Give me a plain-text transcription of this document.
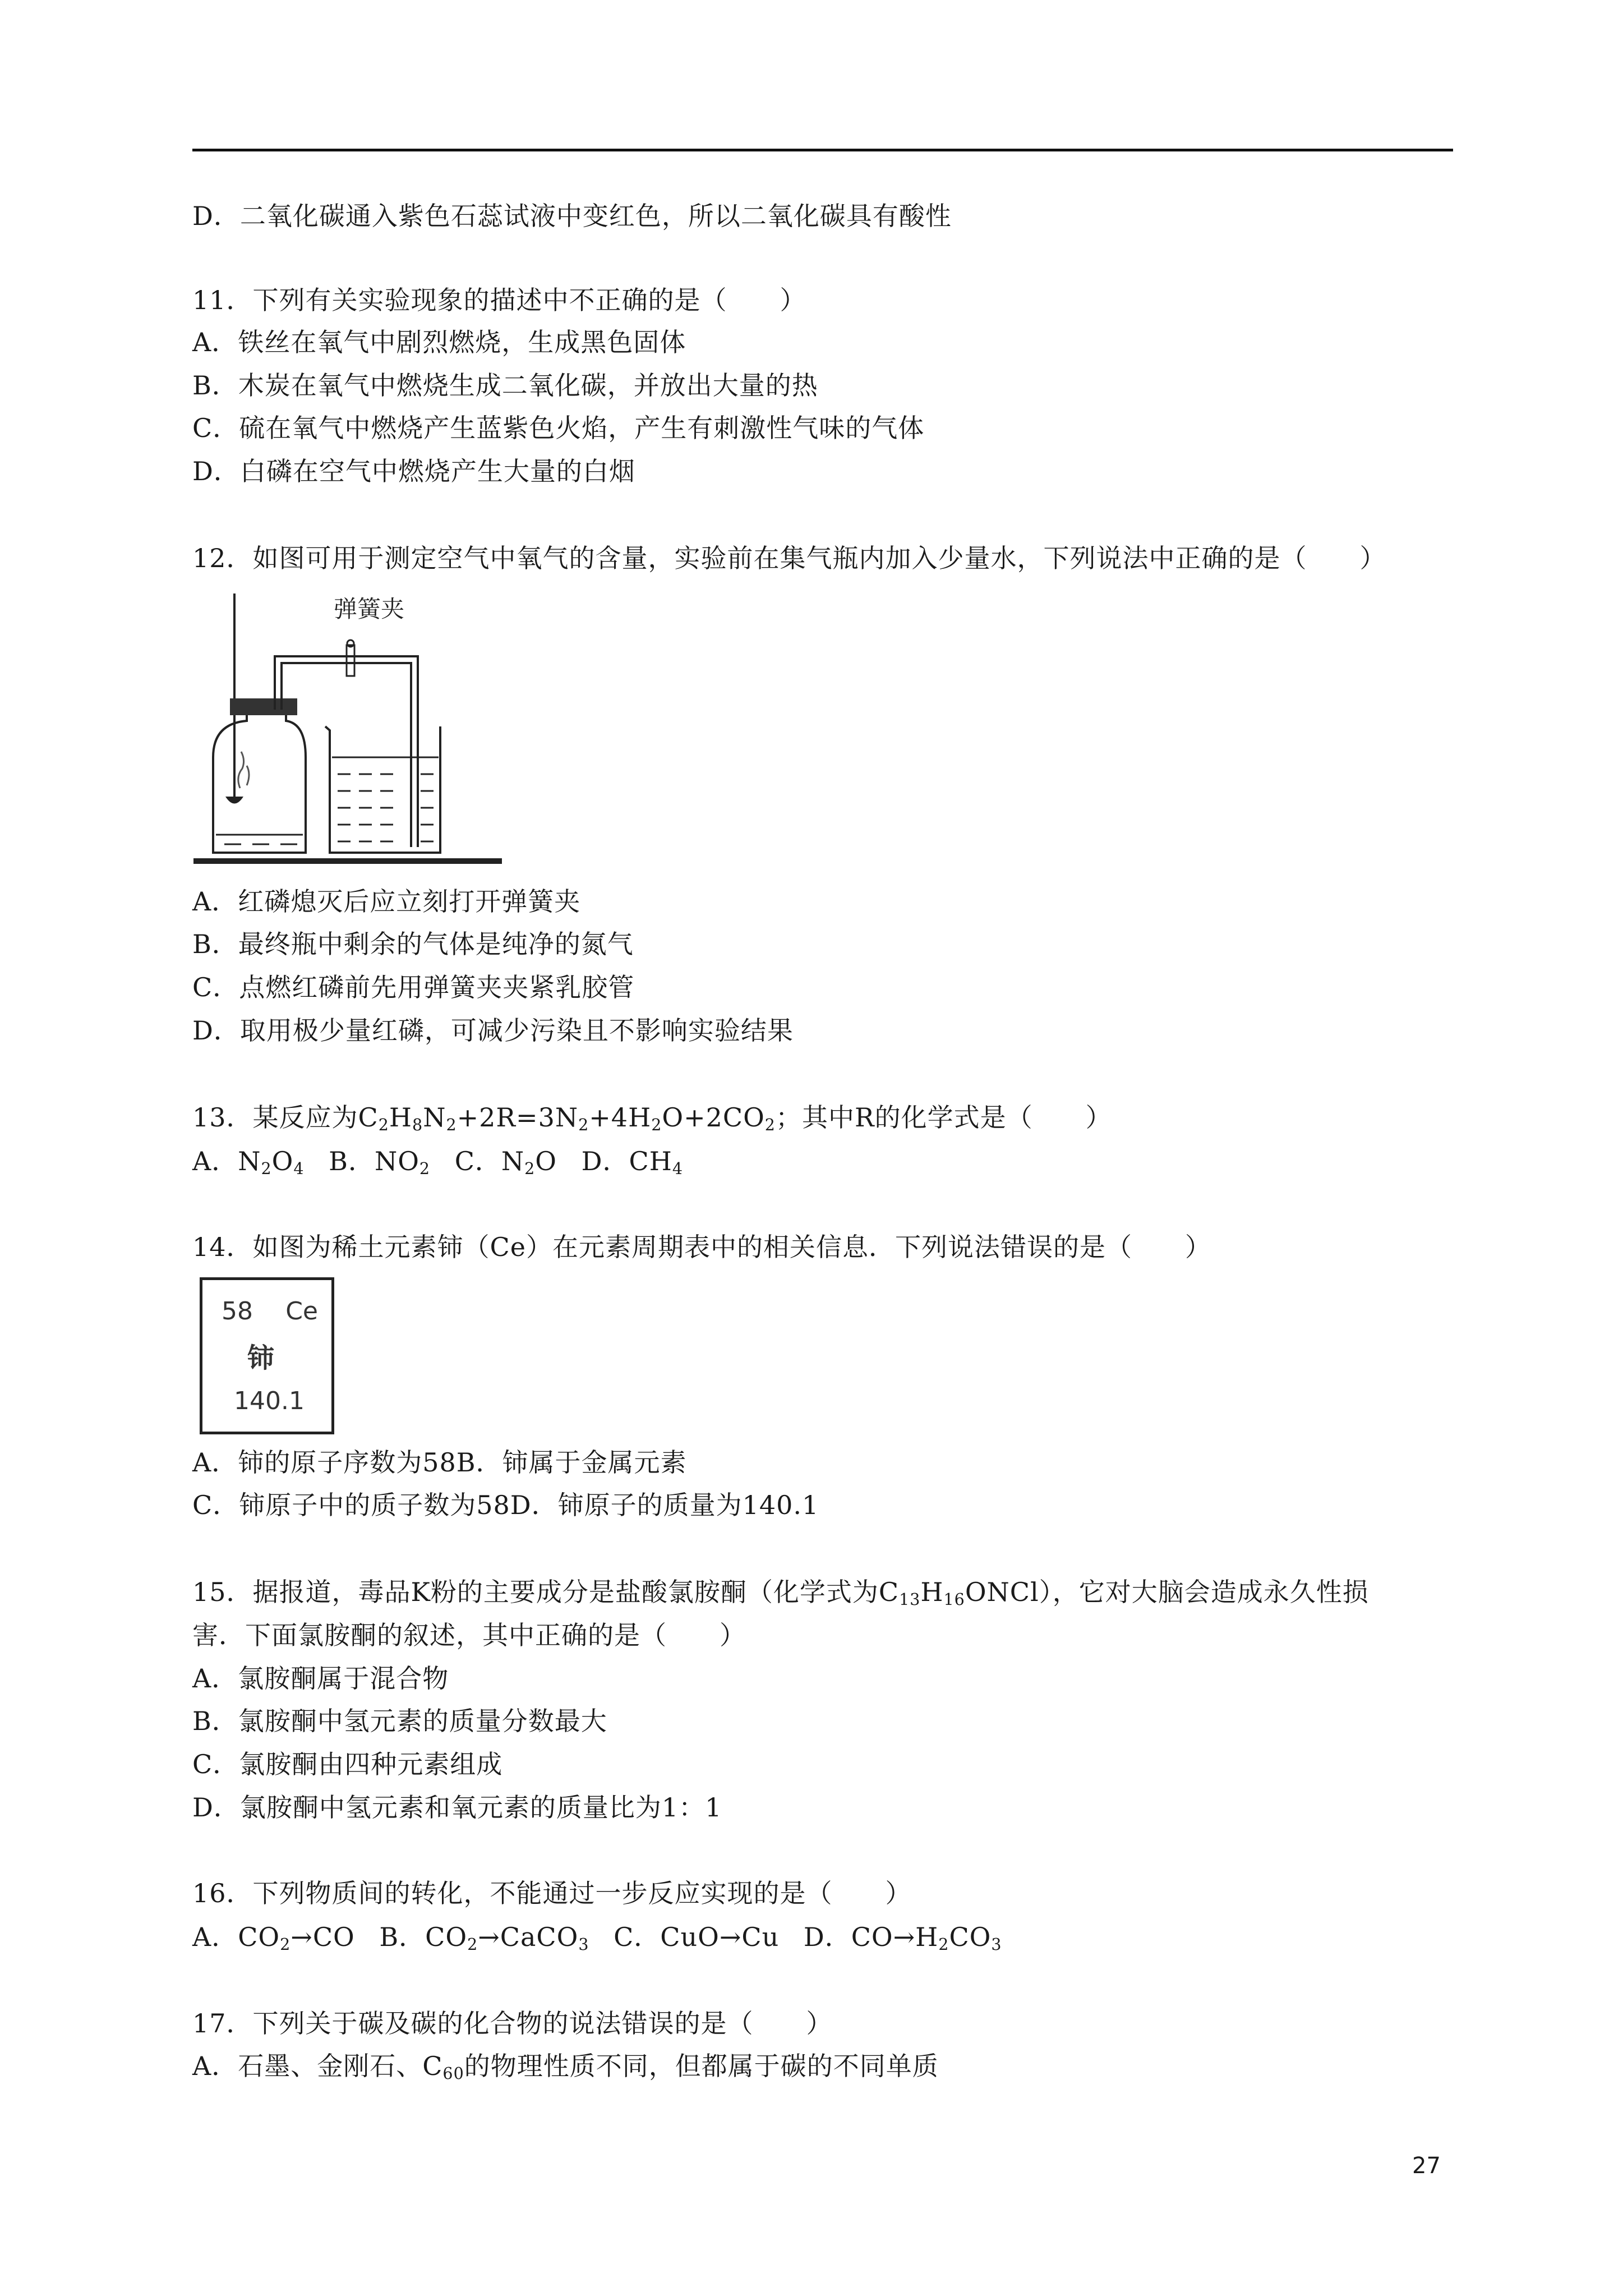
D．二氧化碳通入紫色石蕊试液中变红色，所以二氧化碳具有酸性
11．下列有关实验现象的描述中不正确的是（　　）
A．铁丝在氧气中剧烈燃烧，生成黑色固体
B．木炭在氧气中燃烧生成二氧化碳，并放出大量的热
C．硫在氧气中燃烧产生蓝紫色火焰，产生有刺激性气味的气体
D．白磷在空气中燃烧产生大量的白烟
12．如图可用于测定空气中氧气的含量，实验前在集气瓶内加入少量水，下列说法中正确的是（　　）
弹簧夹
A．红磷熄灭后应立刻打开弹簧夹
B．最终瓶中剩余的气体是纯净的氮气
C．点燃红磷前先用弹簧夹夹紧乳胶管
D．取用极少量红磷，可减少污染且不影响实验结果
13．某反应为$C_2H_8N_2+2R=3N_2+4H_2O+2CO_2$；其中R的化学式是（　　）
A．$N_2O_4$ B．$NO_2$ C．$N_2O$ D．$CH_4$
14．如图为稀土元素铈（Ce）在元素周期表中的相关信息．下列说法错误的是（　　）
58 Ce
铈
140.1
A．铈的原子序数为58B．铈属于金属元素
C．铈原子中的质子数为58D．铈原子的质量为140.1
15．据报道，毒品K粉的主要成分是盐酸氯胺酮（化学式为$C_{13}H_{16}ONCl$），它对大脑会造成永久性损
害．下面氯胺酮的叙述，其中正确的是（　　）
A．氯胺酮属于混合物
B．氯胺酮中氢元素的质量分数最大
C．氯胺酮由四种元素组成
D．氯胺酮中氢元素和氧元素的质量比为1：1
16．下列物质间的转化，不能通过一步反应实现的是（　　）
A．$CO_2\to CO$ B．$CO_2\to CaCO_3$ C．CuO→Cu D．$CO\to H_2CO_3$
17．下列关于碳及碳的化合物的说法错误的是（　　）
A．石墨、金刚石、$C_{60}$的物理性质不同，但都属于碳的不同单质
27
